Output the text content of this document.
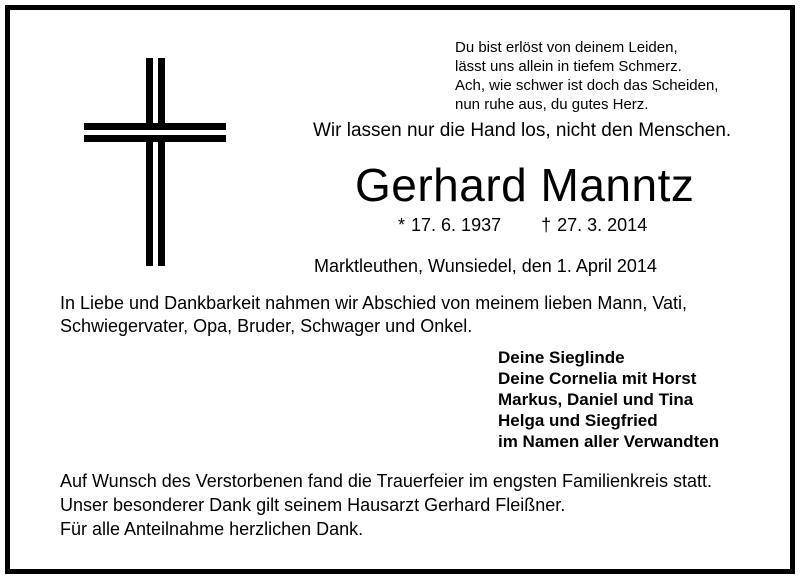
Du bist erlöst von deinem Leiden,
lässt uns allein in tiefem Schmerz.
Ach, wie schwer ist doch das Scheiden,
nun ruhe aus, du gutes Herz.
Wir lassen nur die Hand los, nicht den Menschen.
Gerhard Manntz
* 17. 6. 1937 † 27. 3. 2014
Marktleuthen, Wunsiedel, den 1. April 2014
In Liebe und Dankbarkeit nahmen wir Abschied von meinem lieben Mann, Vati,
Schwiegervater, Opa, Bruder, Schwager und Onkel.
Deine Sieglinde
Deine Cornelia mit Horst
Markus, Daniel und Tina
Helga und Siegfried
im Namen aller Verwandten
Auf Wunsch des Verstorbenen fand die Trauerfeier im engsten Familienkreis statt.
Unser besonderer Dank gilt seinem Hausarzt Gerhard Fleißner.
Für alle Anteilnahme herzlichen Dank.
